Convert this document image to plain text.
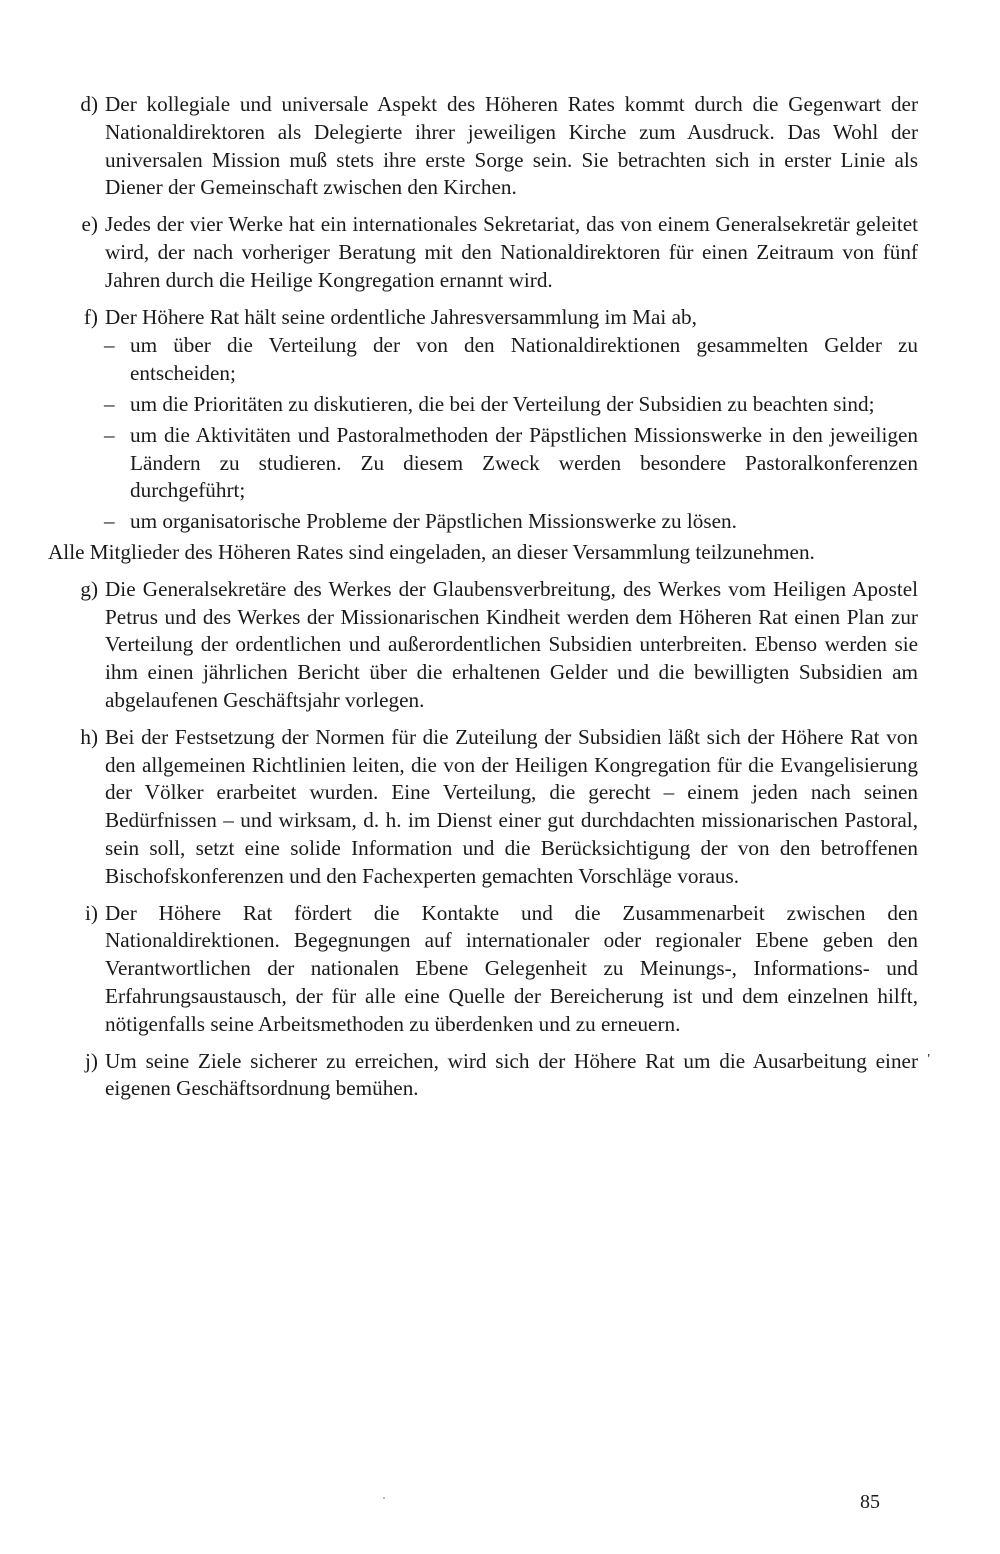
d) Der kollegiale und universale Aspekt des Höheren Rates kommt durch die Gegenwart der Nationaldirektoren als Delegierte ihrer jeweiligen Kirche zum Ausdruck. Das Wohl der universalen Mission muß stets ihre erste Sorge sein. Sie betrachten sich in erster Linie als Diener der Gemeinschaft zwischen den Kirchen.
e) Jedes der vier Werke hat ein internationales Sekretariat, das von einem Generalsekretär geleitet wird, der nach vorheriger Beratung mit den Nationaldirektoren für einen Zeitraum von fünf Jahren durch die Heilige Kongregation ernannt wird.
f) Der Höhere Rat hält seine ordentliche Jahresversammlung im Mai ab,
– um über die Verteilung der von den Nationaldirektionen gesammelten Gelder zu entscheiden;
– um die Prioritäten zu diskutieren, die bei der Verteilung der Subsidien zu beachten sind;
– um die Aktivitäten und Pastoralmethoden der Päpstlichen Missionswerke in den jeweiligen Ländern zu studieren. Zu diesem Zweck werden besondere Pastoralkonferenzen durchgeführt;
– um organisatorische Probleme der Päpstlichen Missionswerke zu lösen.

Alle Mitglieder des Höheren Rates sind eingeladen, an dieser Versammlung teilzunehmen.

g) Die Generalsekretäre des Werkes der Glaubensverbreitung, des Werkes vom Heiligen Apostel Petrus und des Werkes der Missionarischen Kindheit werden dem Höheren Rat einen Plan zur Verteilung der ordentlichen und außerordentlichen Subsidien unterbreiten. Ebenso werden sie ihm einen jährlichen Bericht über die erhaltenen Gelder und die bewilligten Subsidien am abgelaufenen Geschäftsjahr vorlegen.
h) Bei der Festsetzung der Normen für die Zuteilung der Subsidien läßt sich der Höhere Rat von den allgemeinen Richtlinien leiten, die von der Heiligen Kongregation für die Evangelisierung der Völker erarbeitet wurden. Eine Verteilung, die gerecht – einem jeden nach seinen Bedürfnissen – und wirksam, d. h. im Dienst einer gut durchdachten missionarischen Pastoral, sein soll, setzt eine solide Information und die Berücksichtigung der von den betroffenen Bischofskonferenzen und den Fachexperten gemachten Vorschläge voraus.
i) Der Höhere Rat fördert die Kontakte und die Zusammenarbeit zwischen den Nationaldirektionen. Begegnungen auf internationaler oder regionaler Ebene geben den Verantwortlichen der nationalen Ebene Gelegenheit zu Meinungs-, Informations- und Erfahrungsaustausch, der für alle eine Quelle der Bereicherung ist und dem einzelnen hilft, nötigenfalls seine Arbeitsmethoden zu überdenken und zu erneuern.
j) Um seine Ziele sicherer zu erreichen, wird sich der Höhere Rat um die Ausarbeitung einer eigenen Geschäftsordnung bemühen.
'
85
